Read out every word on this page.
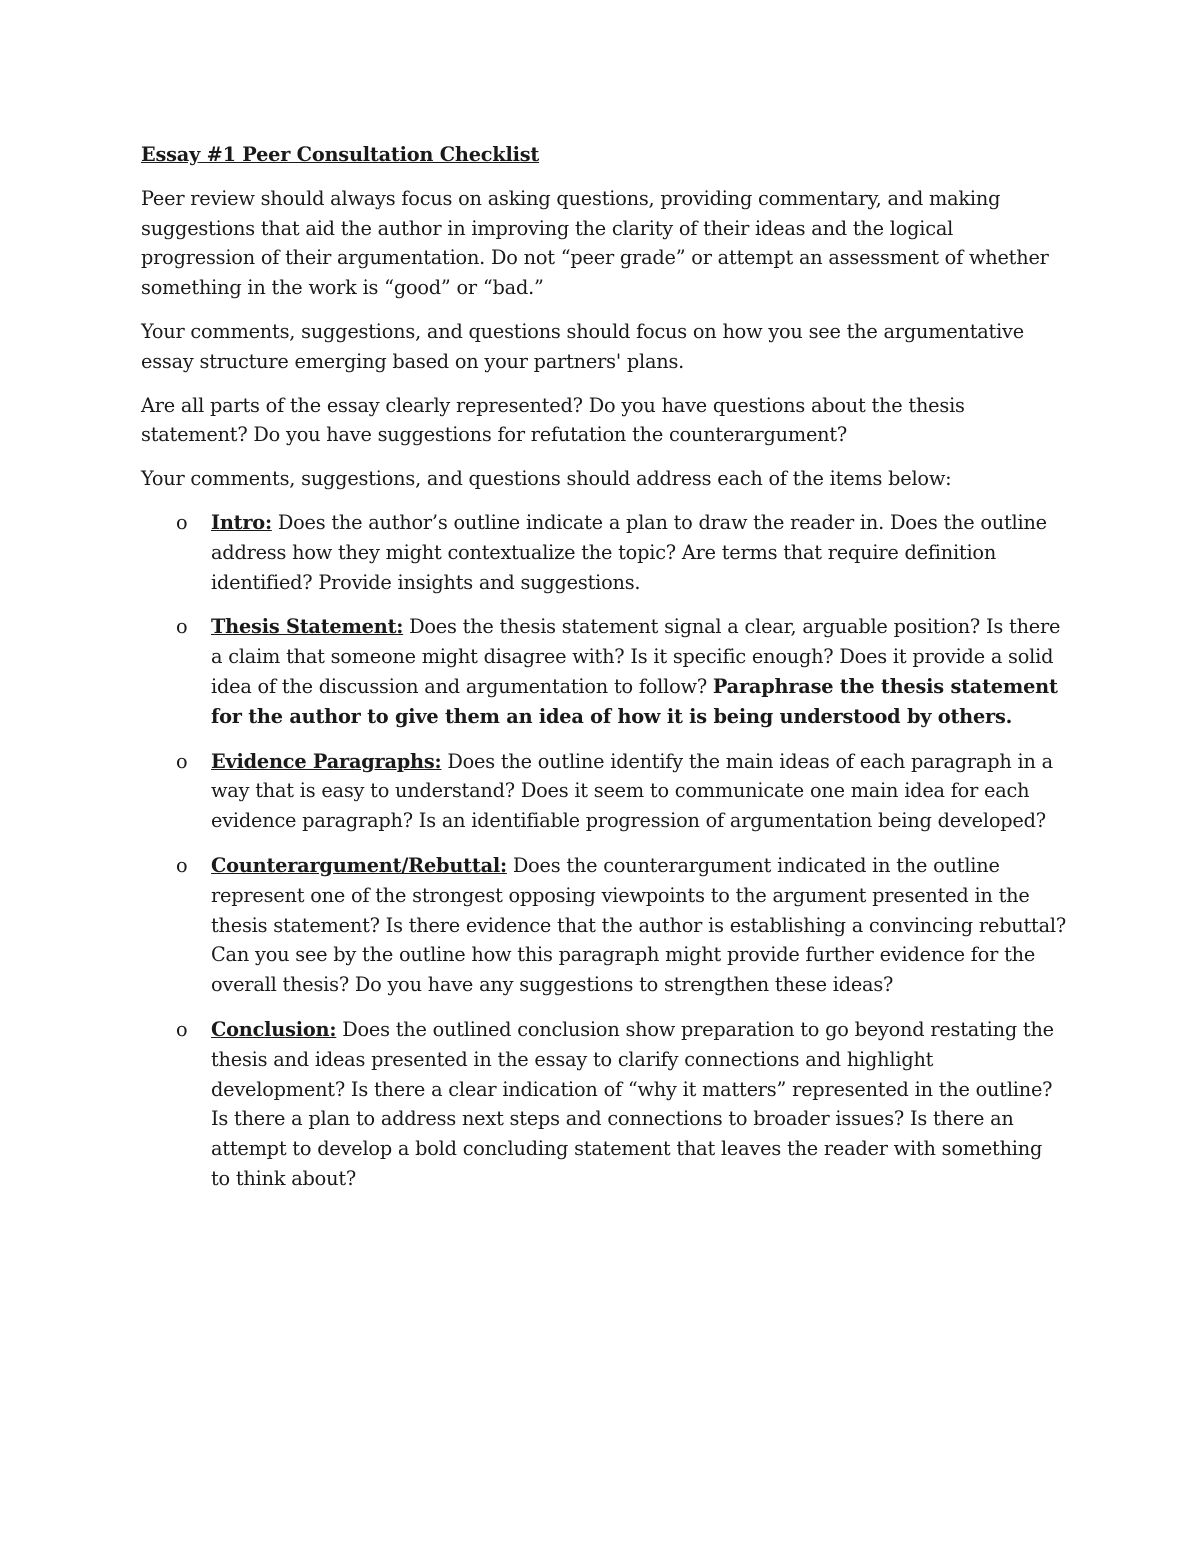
Essay #1 Peer Consultation Checklist

Peer review should always focus on asking questions, providing commentary, and making suggestions that aid the author in improving the clarity of their ideas and the logical progression of their argumentation. Do not “peer grade” or attempt an assessment of whether something in the work is “good” or “bad.”

Your comments, suggestions, and questions should focus on how you see the argumentative essay structure emerging based on your partners' plans.

Are all parts of the essay clearly represented? Do you have questions about the thesis statement? Do you have suggestions for refutation the counterargument?

Your comments, suggestions, and questions should address each of the items below:

o Intro: Does the author’s outline indicate a plan to draw the reader in. Does the outline address how they might contextualize the topic? Are terms that require definition identified? Provide insights and suggestions.
o Thesis Statement: Does the thesis statement signal a clear, arguable position? Is there a claim that someone might disagree with? Is it specific enough? Does it provide a solid idea of the discussion and argumentation to follow? Paraphrase the thesis statement for the author to give them an idea of how it is being understood by others.
o Evidence Paragraphs: Does the outline identify the main ideas of each paragraph in a way that is easy to understand? Does it seem to communicate one main idea for each evidence paragraph? Is an identifiable progression of argumentation being developed?
o Counterargument/Rebuttal: Does the counterargument indicated in the outline represent one of the strongest opposing viewpoints to the argument presented in the thesis statement? Is there evidence that the author is establishing a convincing rebuttal? Can you see by the outline how this paragraph might provide further evidence for the overall thesis? Do you have any suggestions to strengthen these ideas?
o Conclusion: Does the outlined conclusion show preparation to go beyond restating the thesis and ideas presented in the essay to clarify connections and highlight development? Is there a clear indication of “why it matters” represented in the outline? Is there a plan to address next steps and connections to broader issues? Is there an attempt to develop a bold concluding statement that leaves the reader with something to think about?
